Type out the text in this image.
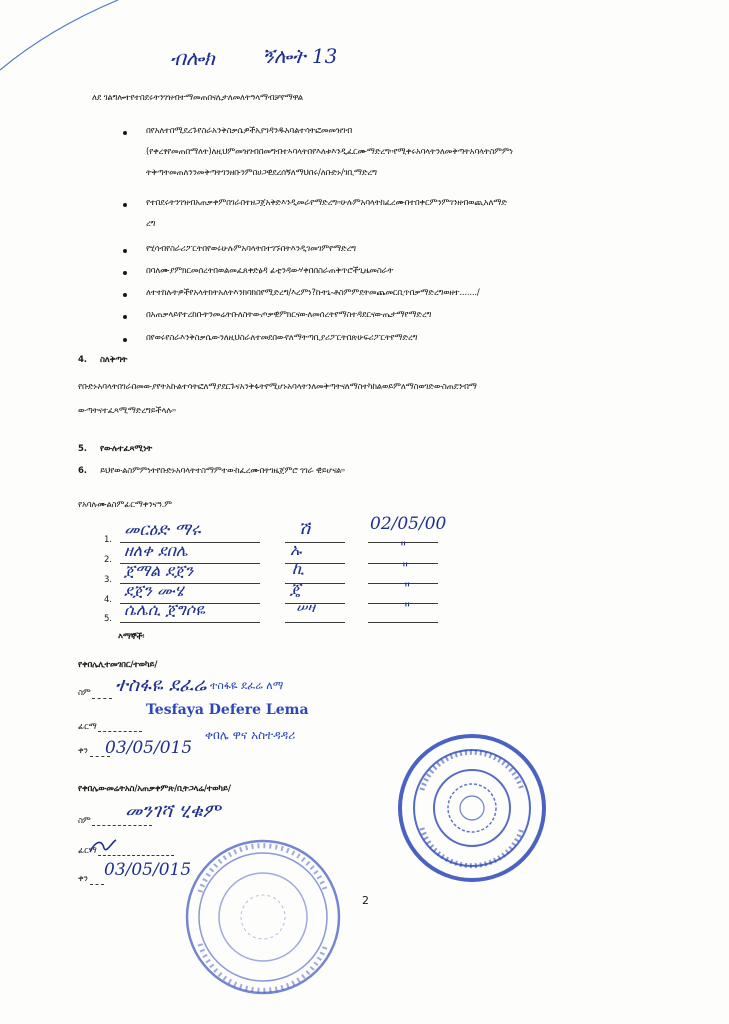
ብሎክ ኝሎት 13
ለደ ገልግሎተየተበደሩትንገዝብተማመጠበናሊታለመለትዓላማብቻየማዋል
በየአለተበሚደረጉየስራአንቅስቃሴዎችአያገዳንዱአባልተሳትፎመመዝገብ
(የቀረፃየመጠበማለት)ለዚህምመዝገብበመግብተኣባላትበየእለቱእንዲፈርሙማድረግ።የሚቀሩአባላትንለመቅጣትአባላትስምምነ
ትቅጣትመጠለንንመቅጣትገንዘቡንምበሀጋዊደረሰኝለማህበሩ/ለቡድኑ/ገቢማድረግ
የተበደሩትንገዝብአጠቃቀምበገራበተዘጋጀአቅድእንዲመራየማድረግ።ሁሉምአባላትከፈረሙበተበቀርምንምገንዘብወጪአለማድ
ረግ
የሂሳብየስራሪፖርትበየወሩሁሉምአባላትበተገኙበትእንዲገመገምየማድረግ
በባለሙያምክርመሰረትበወልመፈጸቀድፅዳ ፊቲንዳውሃቀበበስራጠቅጥሮችጊዜመስራት
ለተተከሉትዎችየአላትክትአለትእንክባክበየሚድረግ/እረምነ?ኩትኒ-ቶስምምደትመጨመርቢጥበቃማድረግወዘተ......./
በአጠቃላይየተረከቡትንመሬትቡለስትውጦቃዊምክርናውለመሰረትየማስተዳደርናውጤታማየማድረግ
በየወሩየስራእንቅስቃሴውንለዚህስራለተመደበውየለማትጣቢያሪፖርትበጽሁፍሪፖርትየማድረግ
4. ስለቅጣት
የቡድኑአባላትበገራበመውያየትአኩልተሳትፎለማያደርጉናአንቅፋትየሚሆኑአባላትንለመቅጣትናለማስተካከልወይምለማስወገድውስጠደንብማ
ውጣትናተፈጻሚማድረግይችላሉ።
5. የውሉተፈጻሚነት
6. ይህየውልስምምነትየቡድኑአባላትተስማምተውከፈረሙበትገዜጀምሮ ገገራ ዊይሆናል።
የአባሉሙልስምፊርማቀንናዓ.ም
1. መርዕድ ማሩ	ሽ	02/05/00
2. ዘለቀ ደበሌ	ኡ	"
3. ጀማል ደጀን	ኪ	"
4. ደጀን ሙሄ	ጄ	"
5. ሴሌሲ ጀግሶዬ	ሠዛ	"
እማኞች፡
የቀበሌሊተመገበር/ተወካይ/
ስም ተስፋዬ ደፈሬ ተስፋዬ ደፈሬ ለማ
ፊርማ
Tesfaya Defere Lema
ቀን 03/05/015
ቀበሌ ዋና አስተዳዳሪ
የቀበሌውመሬትአስ/አጠቃቀምጽ/ቢትጋላሬ/ተወካይ/
ስም መንገሻ ሂቁም
ፊርማ
ቀን 03/05/015
2
